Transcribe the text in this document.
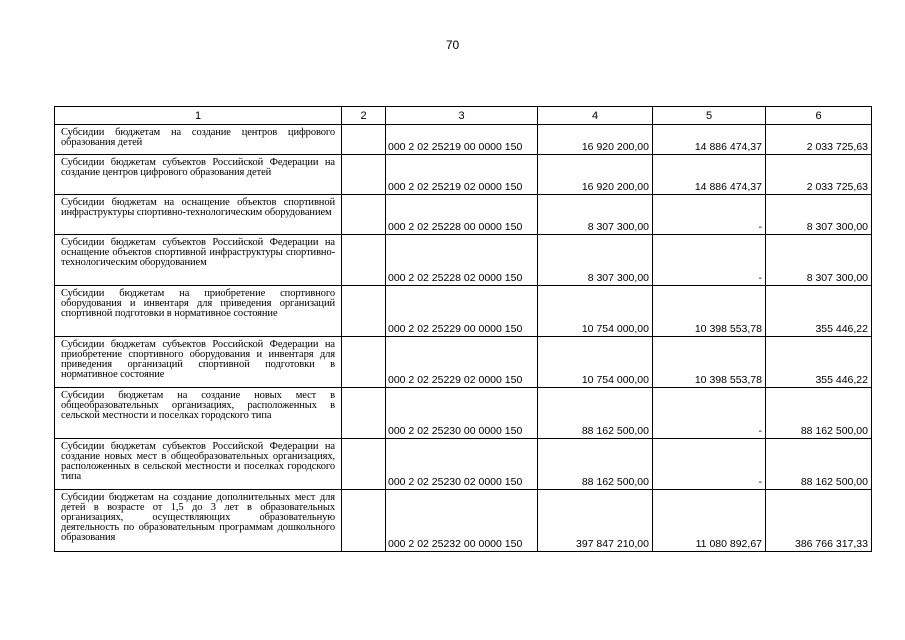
70
1	2	3	4	5	6
Субсидии бюджетам на создание центров цифрового образования детей		000 2 02 25219 00 0000 150	16 920 200,00	14 886 474,37	2 033 725,63
Субсидии бюджетам субъектов Российской Федерации на создание центров цифрового образования детей		000 2 02 25219 02 0000 150	16 920 200,00	14 886 474,37	2 033 725,63
Субсидии бюджетам на оснащение объектов спортивной инфраструктуры спортивно-технологическим оборудованием		000 2 02 25228 00 0000 150	8 307 300,00	-	8 307 300,00
Субсидии бюджетам субъектов Российской Федерации на оснащение объектов спортивной инфраструктуры спортивно-технологическим оборудованием		000 2 02 25228 02 0000 150	8 307 300,00	-	8 307 300,00
Субсидии бюджетам на приобретение спортивного оборудования и инвентаря для приведения организаций спортивной подготовки в нормативное состояние		000 2 02 25229 00 0000 150	10 754 000,00	10 398 553,78	355 446,22
Субсидии бюджетам субъектов Российской Федерации на приобретение спортивного оборудования и инвентаря для приведения организаций спортивной подготовки в нормативное состояние		000 2 02 25229 02 0000 150	10 754 000,00	10 398 553,78	355 446,22
Субсидии бюджетам на создание новых мест в общеобразовательных организациях, расположенных в сельской местности и поселках городского типа		000 2 02 25230 00 0000 150	88 162 500,00	-	88 162 500,00
Субсидии бюджетам субъектов Российской Федерации на создание новых мест в общеобразовательных организациях, расположенных в сельской местности и поселках городского типа		000 2 02 25230 02 0000 150	88 162 500,00	-	88 162 500,00
Субсидии бюджетам на создание дополнительных мест для детей в возрасте от 1,5 до 3 лет в образовательных организациях, осуществляющих образовательную деятельность по образовательным программам дошкольного образования		000 2 02 25232 00 0000 150	397 847 210,00	11 080 892,67	386 766 317,33
